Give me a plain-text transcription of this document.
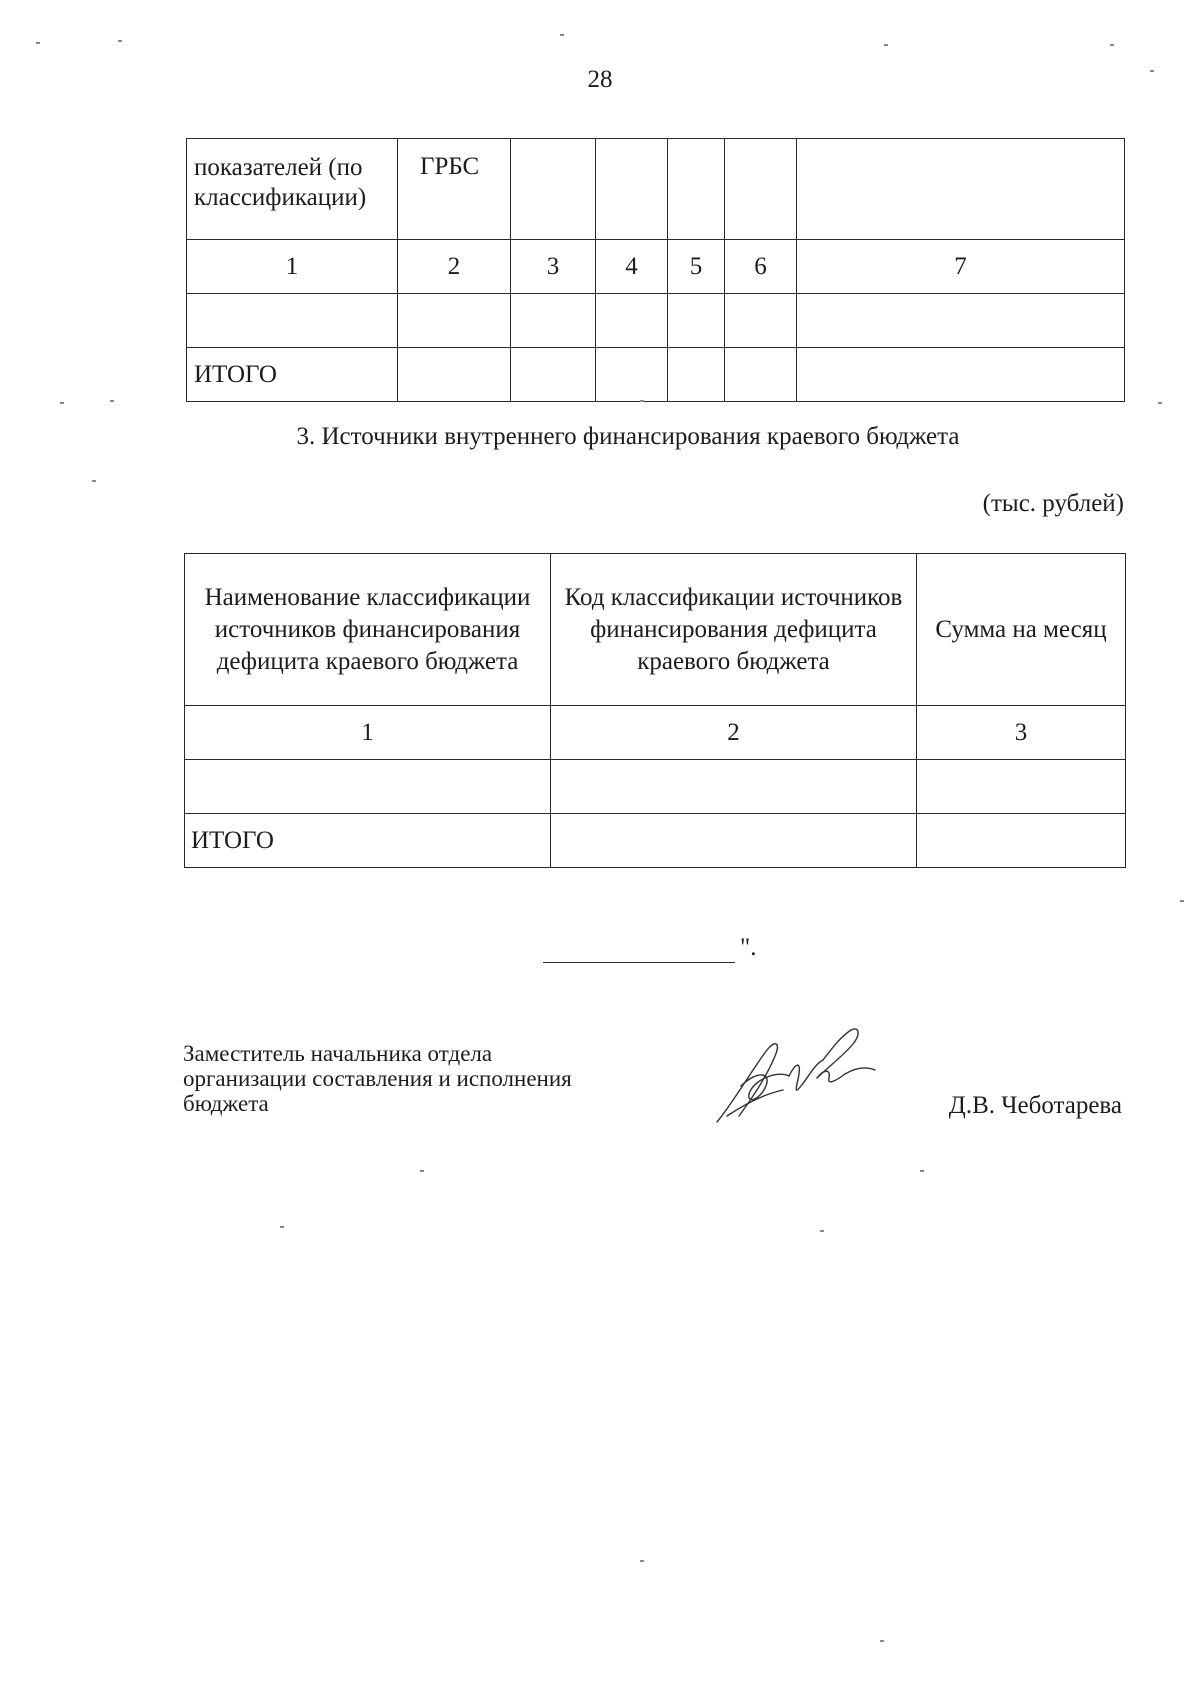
28
показателей (по классификации)	ГРБС					
1	2	3	4	5	6	7

ИТОГО						
3. Источники внутреннего финансирования краевого бюджета
(тыс. рублей)
Наименование классификации источников финансирования дефицита краевого бюджета	Код классификации источников финансирования дефицита краевого бюджета	Сумма на месяц
1	2	3

ИТОГО		
".
Заместитель начальника отдела организации составления и исполнения бюджета	Д.В. Чеботарева
